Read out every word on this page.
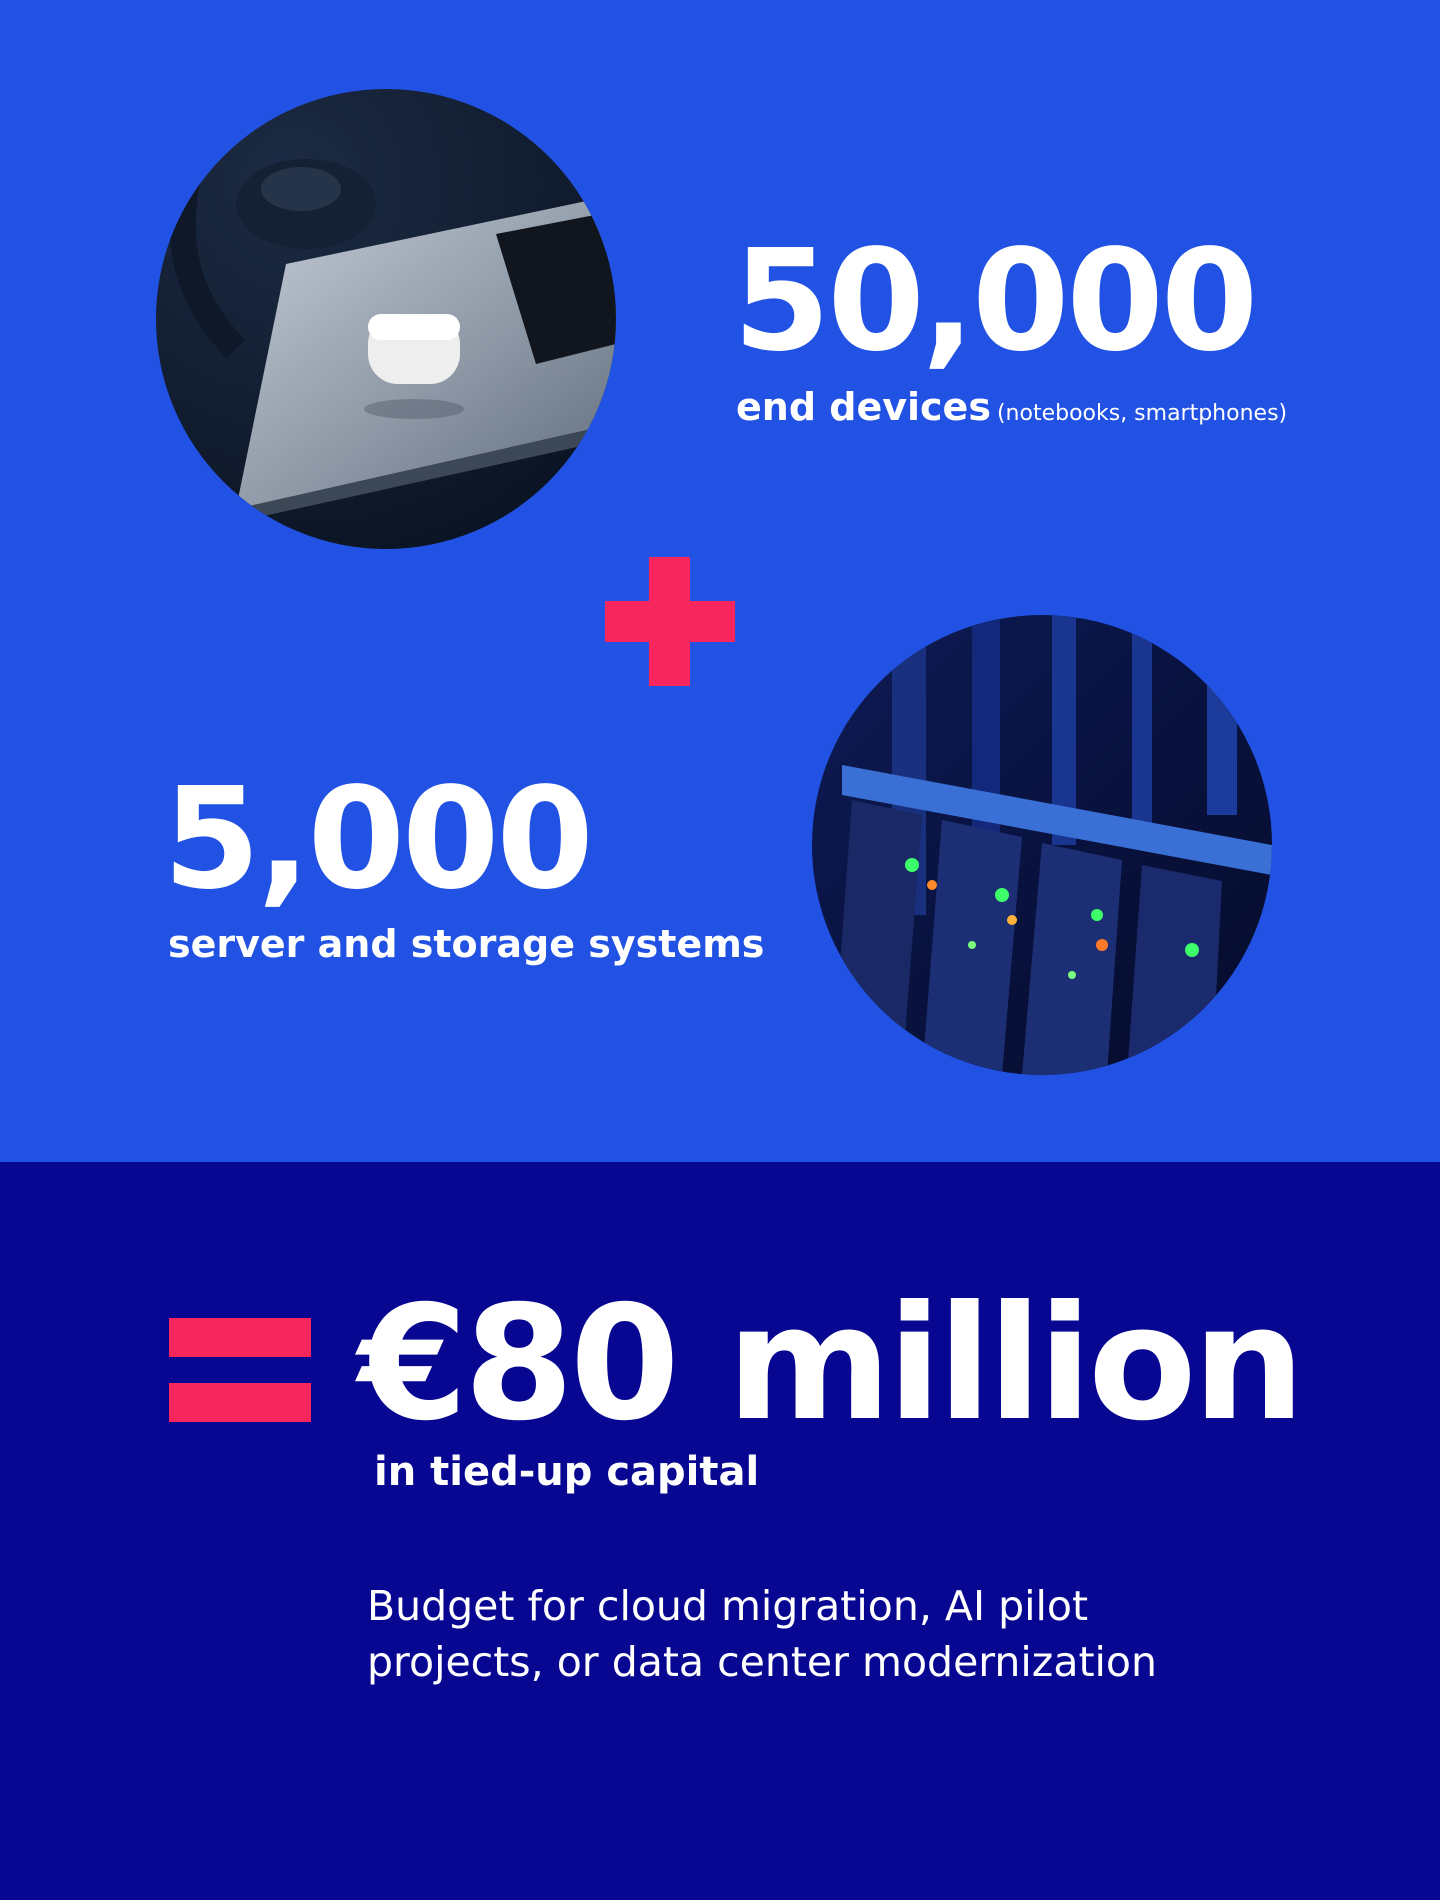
50,000
end devices (notebooks, smartphones)
5,000
server and storage systems
€80 million
in tied-up capital
Budget for cloud migration, AI pilot projects, or data center modernization
